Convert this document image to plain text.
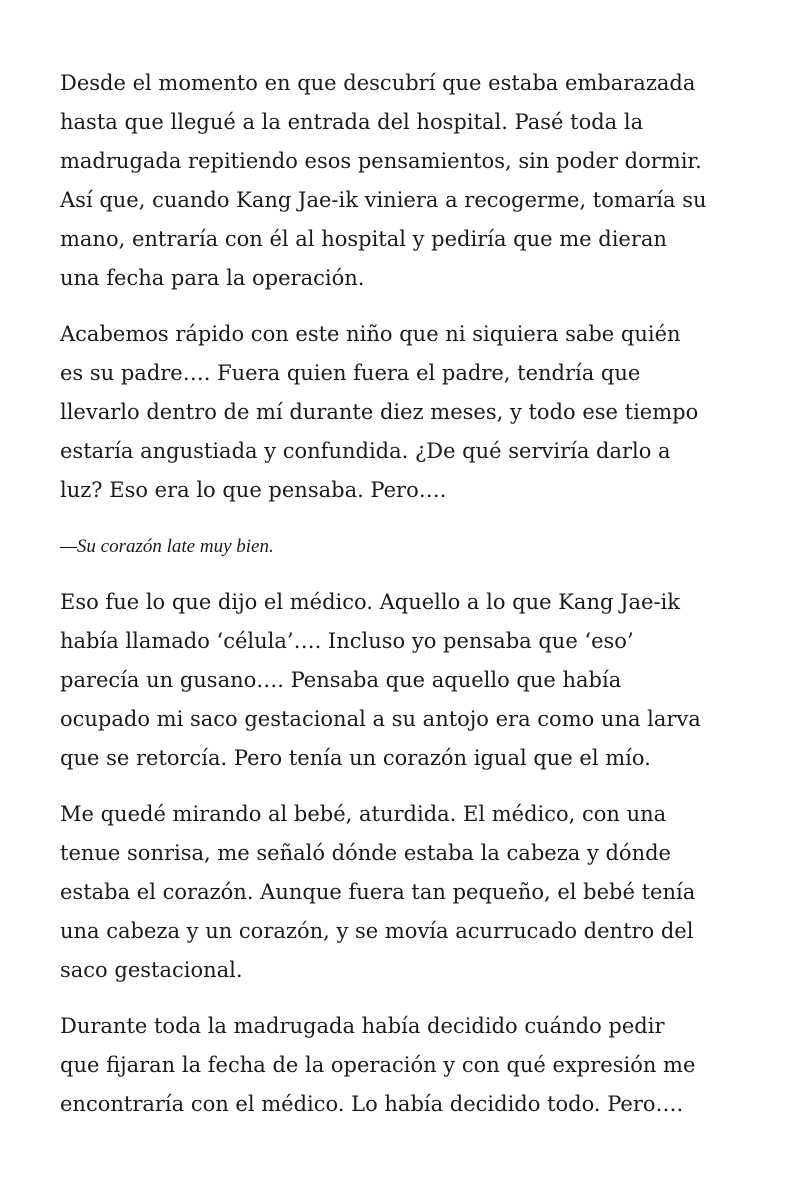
Desde el momento en que descubrí que estaba embarazada
hasta que llegué a la entrada del hospital. Pasé toda la
madrugada repitiendo esos pensamientos, sin poder dormir.
Así que, cuando Kang Jae-ik viniera a recogerme, tomaría su
mano, entraría con él al hospital y pediría que me dieran
una fecha para la operación.

Acabemos rápido con este niño que ni siquiera sabe quién
es su padre…. Fuera quien fuera el padre, tendría que
llevarlo dentro de mí durante diez meses, y todo ese tiempo
estaría angustiada y confundida. ¿De qué serviría darlo a
luz? Eso era lo que pensaba. Pero….

—Su corazón late muy bien.

Eso fue lo que dijo el médico. Aquello a lo que Kang Jae-ik
había llamado ‘célula’…. Incluso yo pensaba que ‘eso’
parecía un gusano…. Pensaba que aquello que había
ocupado mi saco gestacional a su antojo era como una larva
que se retorcía. Pero tenía un corazón igual que el mío.

Me quedé mirando al bebé, aturdida. El médico, con una
tenue sonrisa, me señaló dónde estaba la cabeza y dónde
estaba el corazón. Aunque fuera tan pequeño, el bebé tenía
una cabeza y un corazón, y se movía acurrucado dentro del
saco gestacional.

Durante toda la madrugada había decidido cuándo pedir
que fijaran la fecha de la operación y con qué expresión me
encontraría con el médico. Lo había decidido todo. Pero….
